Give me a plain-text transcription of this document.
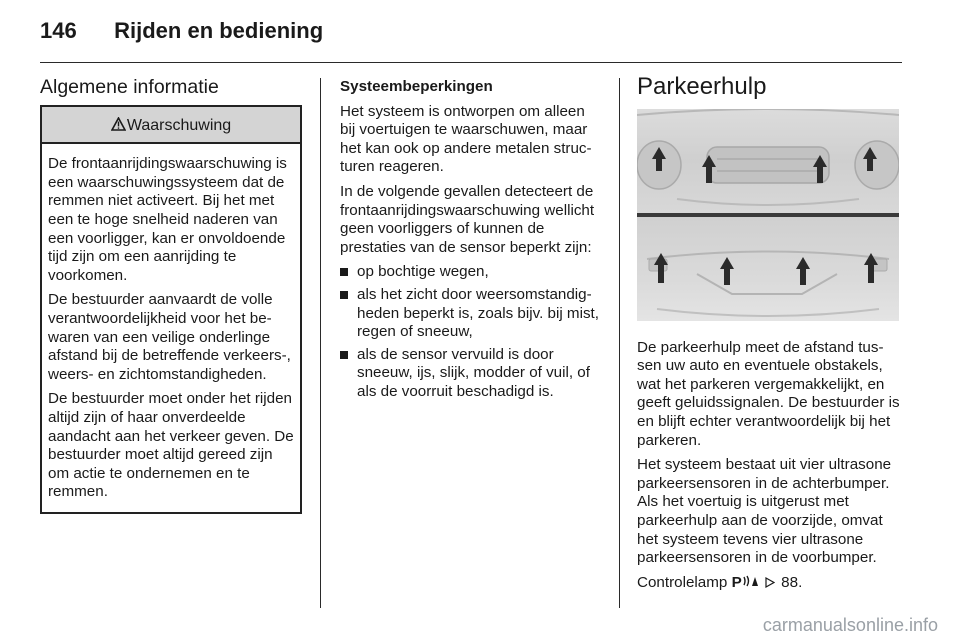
146 Rijden en bediening
Algemene informatie
Waarschuwing

De frontaanrijdingswaarschuwing is een waarschuwingssysteem dat de remmen niet activeert. Bij het met een te hoge snelheid naderen van een voorligger, kan er onvoldoende tijd zijn om een aanrijding te voorkomen.

De bestuurder aanvaardt de volle verantwoordelijkheid voor het bewaren van een veilige onderlinge afstand bij de betreffende verkeers-, weers- en zichtomstandigheden.

De bestuurder moet onder het rijden altijd zijn of haar onverdeelde aandacht aan het verkeer geven. De bestuurder moet altijd gereed zijn om actie te ondernemen en te remmen.

Systeembeperkingen

Het systeem is ontworpen om alleen bij voertuigen te waarschuwen, maar het kan ook op andere metalen structuren reageren.

In de volgende gevallen detecteert de frontaanrijdingswaarschuwing wellicht geen voorliggers of kunnen de prestaties van de sensor beperkt zijn:

op bochtige wegen,
als het zicht door weersomstandigheden beperkt is, zoals bijv. bij mist, regen of sneeuw,
als de sensor vervuild is door sneeuw, ijs, slijk, modder of vuil, of als de voorruit beschadigd is.
Parkeerhulp

De parkeerhulp meet de afstand tussen uw auto en eventuele obstakels, wat het parkeren vergemakkelijkt, en geeft geluidssignalen. De bestuurder is en blijft echter verantwoordelijk bij het parkeren.

Het systeem bestaat uit vier ultrasone parkeersensoren in de achterbumper. Als het voertuig is uitgerust met parkeerhulp aan de voorzijde, omvat het systeem tevens vier ultrasone parkeersensoren in de voorbumper.

Controlelamp P	88.

carmanualsonline.info
